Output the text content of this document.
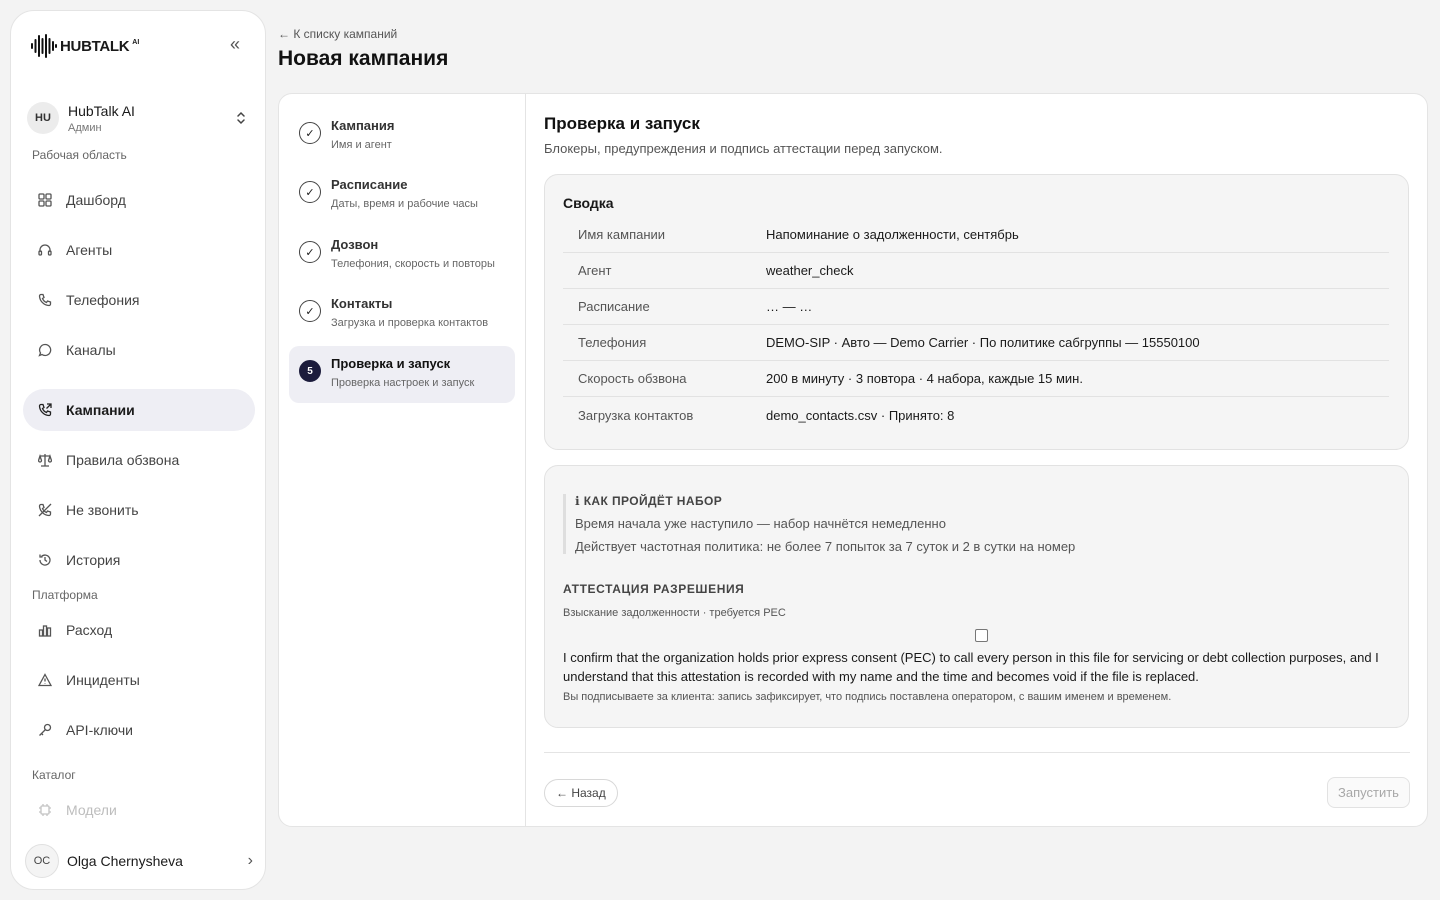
HUBTALK AI	«
HU	HubTalk AI
Админ
Рабочая область
Дашборд
Агенты
Телефония
Каналы
Кампании
Правила обзвона
Не звонить
История
Платформа
Расход
Инциденты
API-ключи
Каталог
Модели
OC	Olga Chernysheva	›
← К списку кампаний
Новая кампания
✓
Кампания
Имя и агент
✓
Расписание
Даты, время и рабочие часы
✓
Дозвон
Телефония, скорость и повторы
✓
Контакты
Загрузка и проверка контактов
5	Проверка и запуск
Проверка настроек и запуск
Проверка и запуск

Блокеры, предупреждения и подпись аттестации перед запуском.

Сводка
Имя кампании	Напоминание о задолженности, сентябрь
Агент	weather_check
Расписание	… — …
Телефония	DEMO-SIP · Авто — Demo Carrier · По политике сабгруппы — 15550100
Скорость обзвона	200 в минуту · 3 повтора · 4 набора, каждые 15 мин.
Загрузка контактов	demo_contacts.csv · Принято: 8
ℹ КАК ПРОЙДЁТ НАБОР
Время начала уже наступило — набор начнётся немедленно
Действует частотная политика: не более 7 попыток за 7 суток и 2 в сутки на номер
АТТЕСТАЦИЯ РАЗРЕШЕНИЯ
Взыскание задолженности · требуется PEC
I confirm that the organization holds prior express consent (PEC) to call every person in this file for servicing or debt collection purposes, and I understand that this attestation is recorded with my name and the time and becomes void if the file is replaced.
Вы подписываете за клиента: запись зафиксирует, что подпись поставлена оператором, с вашим именем и временем.
← Назад	Запустить
